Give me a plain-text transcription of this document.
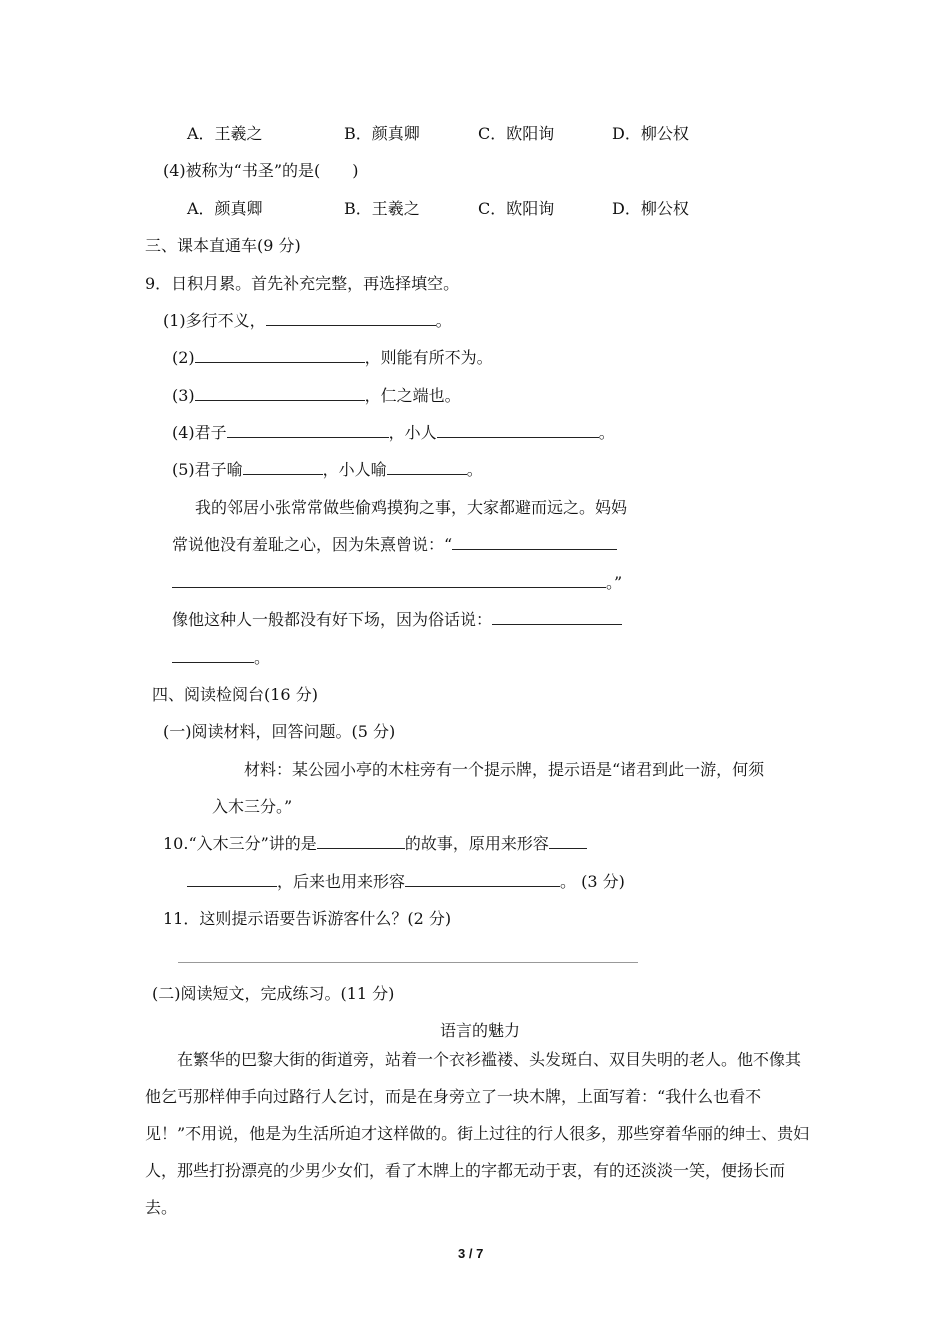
A．王羲之	B．颜真卿	C．欧阳询	D．柳公权
(4)被称为“书圣”的是(　　)
A．颜真卿	B．王羲之	C．欧阳询	D．柳公权
三、课本直通车(9 分)
9．日积月累。首先补充完整，再选择填空。
(1)多行不义，	。
(2)	，则能有所不为。
(3)	，仁之端也。
(4)君子	，小人	。
(5)君子喻	，小人喻	。
我的邻居小张常常做些偷鸡摸狗之事，大家都避而远之。妈妈
常说他没有羞耻之心，因为朱熹曾说：“
。”
像他这种人一般都没有好下场，因为俗话说：
。
四、阅读检阅台(16 分)
(一)阅读材料，回答问题。(5 分)
材料：某公园小亭的木柱旁有一个提示牌，提示语是“诸君到此一游，何须
入木三分。”
10.“入木三分”讲的是	的故事，原用来形容
，后来也用来形容	。 (3 分)
11．这则提示语要告诉游客什么？(2 分)
(二)阅读短文，完成练习。(11 分)
语言的魅力
在繁华的巴黎大街的街道旁，站着一个衣衫褴褛、头发斑白、双目失明的老人。他不像其他乞丐那样伸手向过路行人乞讨，而是在身旁立了一块木牌，上面写着：“我什么也看不见！”不用说，他是为生活所迫才这样做的。街上过往的行人很多，那些穿着华丽的绅士、贵妇人，那些打扮漂亮的少男少女们，看了木牌上的字都无动于衷，有的还淡淡一笑，便扬长而去。
3 / 7
